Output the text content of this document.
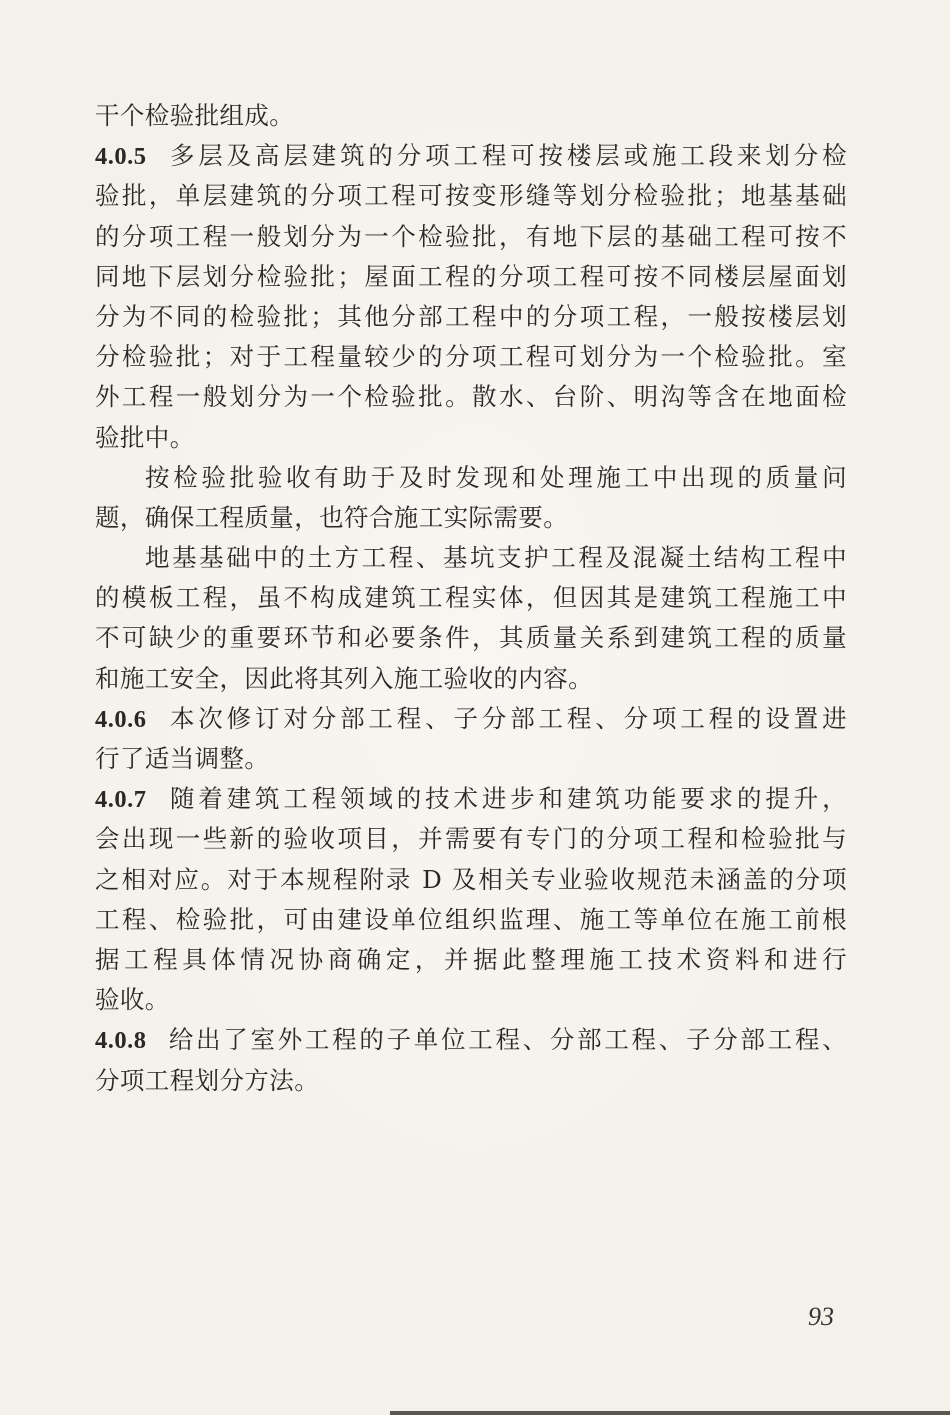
干个检验批组成。
4.0.5 多层及高层建筑的分项工程可按楼层或施工段来划分检
验批，单层建筑的分项工程可按变形缝等划分检验批；地基基础
的分项工程一般划分为一个检验批，有地下层的基础工程可按不
同地下层划分检验批；屋面工程的分项工程可按不同楼层屋面划
分为不同的检验批；其他分部工程中的分项工程，一般按楼层划
分检验批；对于工程量较少的分项工程可划分为一个检验批。室
外工程一般划分为一个检验批。散水、台阶、明沟等含在地面检
验批中。
按检验批验收有助于及时发现和处理施工中出现的质量问
题，确保工程质量，也符合施工实际需要。
地基基础中的土方工程、基坑支护工程及混凝土结构工程中
的模板工程，虽不构成建筑工程实体，但因其是建筑工程施工中
不可缺少的重要环节和必要条件，其质量关系到建筑工程的质量
和施工安全，因此将其列入施工验收的内容。
4.0.6 本次修订对分部工程、子分部工程、分项工程的设置进
行了适当调整。
4.0.7 随着建筑工程领域的技术进步和建筑功能要求的提升，
会出现一些新的验收项目，并需要有专门的分项工程和检验批与
之相对应。对于本规程附录 D 及相关专业验收规范未涵盖的分项
工程、检验批，可由建设单位组织监理、施工等单位在施工前根
据工程具体情况协商确定，并据此整理施工技术资料和进行
验收。
4.0.8 给出了室外工程的子单位工程、分部工程、子分部工程、
分项工程划分方法。
93
